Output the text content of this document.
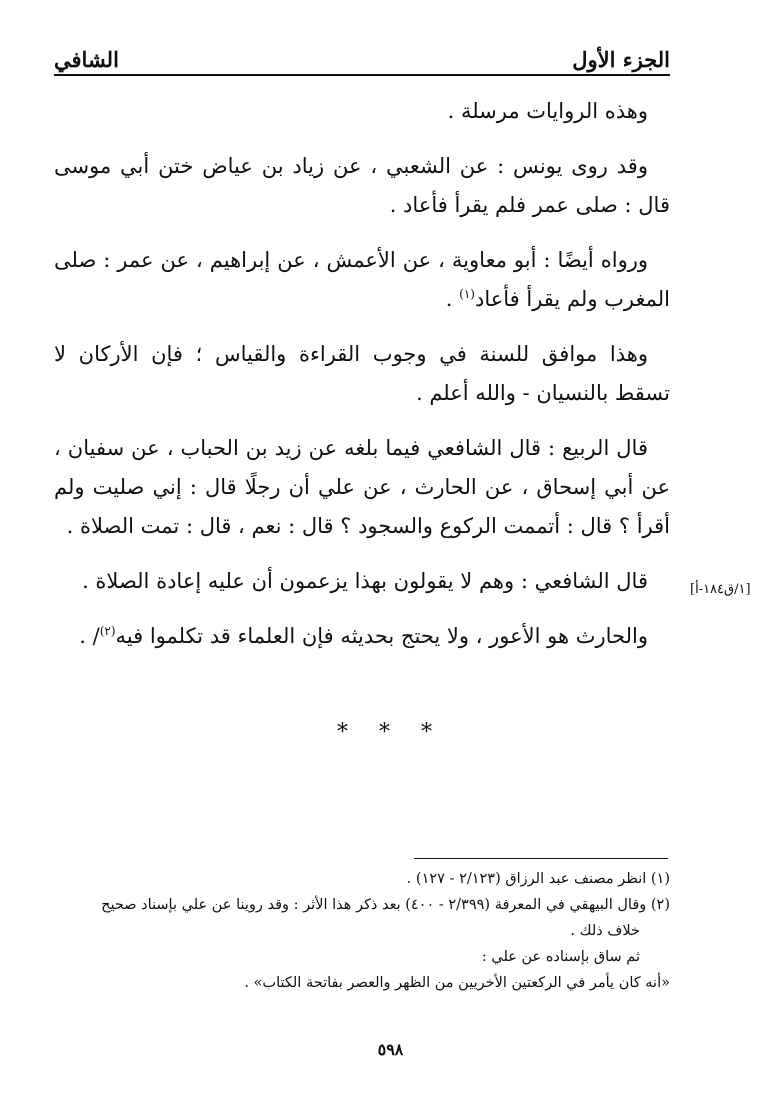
الشافي	الجزء الأول

وهذه الروايات مرسلة .

وقد روى يونس : عن الشعبي ، عن زياد بن عياض ختن أبي موسى قال : صلى عمر فلم يقرأ فأعاد .

ورواه أيضًا : أبو معاوية ، عن الأعمش ، عن إبراهيم ، عن عمر : صلى المغرب ولم يقرأ فأعاد$^{(١)}$ .

وهذا موافق للسنة في وجوب القراءة والقياس ؛ فإن الأركان لا تسقط بالنسيان - والله أعلم .

قال الربيع : قال الشافعي فيما بلغه عن زيد بن الحباب ، عن سفيان ، عن أبي إسحاق ، عن الحارث ، عن علي أن رجلًا قال : إني صليت ولم أقرأ ؟ قال : أتممت الركوع والسجود ؟ قال : نعم ، قال : تمت الصلاة .

قال الشافعي : وهم لا يقولون بهذا يزعمون أن عليه إعادة الصلاة .

والحارث هو الأعور ، ولا يحتج بحديثه فإن العلماء قد تكلموا فيه$^{(٢)}$/ .

[١/ق١٨٤-أ]
* * *

(١) انظر مصنف عبد الرزاق (٢/١٢٣ - ١٢٧) .

(٢) وقال البيهقي في المعرفة (٢/٣٩٩ - ٤٠٠) بعد ذكر هذا الأثر : وقد روينا عن علي بإسناد صحيح

خلاف ذلك .

ثم ساق بإسناده عن علي :

«أنه كان يأمر في الركعتين الأخريين من الظهر والعصر بفاتحة الكتاب» .

٥٩٨
